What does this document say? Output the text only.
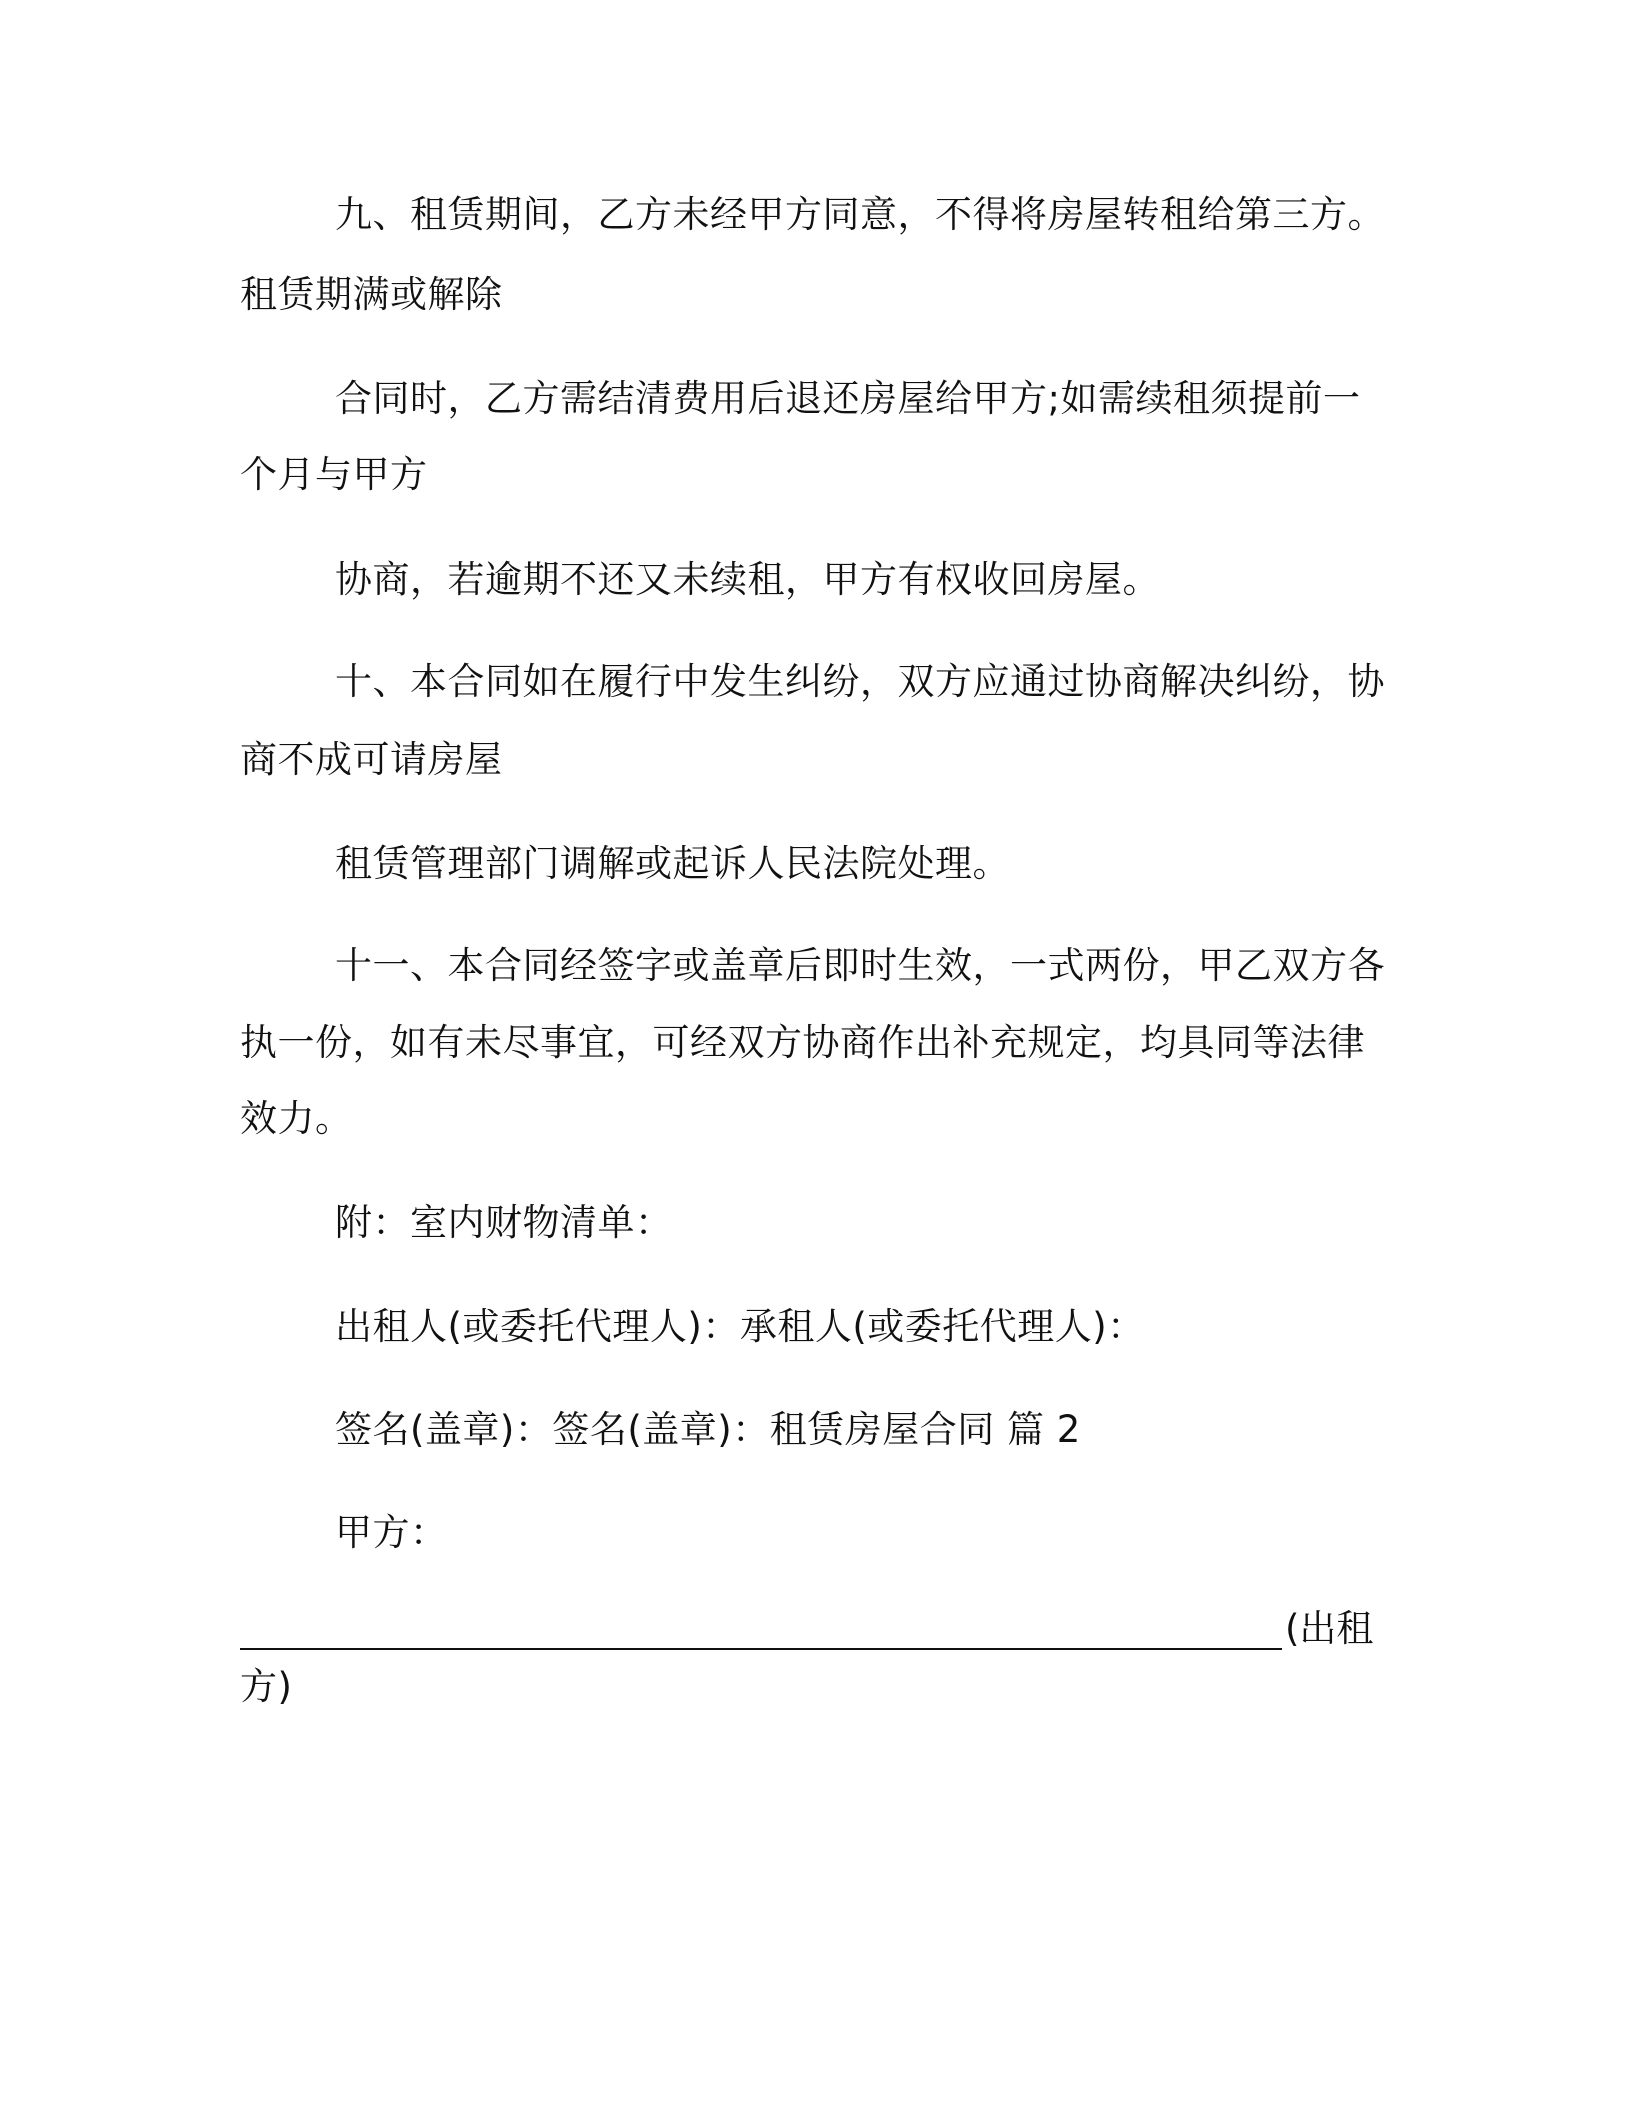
九、租赁期间，乙方未经甲方同意，不得将房屋转租给第三方。
租赁期满或解除
合同时，乙方需结清费用后退还房屋给甲方;如需续租须提前一
个月与甲方
协商，若逾期不还又未续租，甲方有权收回房屋。
十、本合同如在履行中发生纠纷，双方应通过协商解决纠纷，协
商不成可请房屋
租赁管理部门调解或起诉人民法院处理。
十一、本合同经签字或盖章后即时生效，一式两份，甲乙双方各
执一份，如有未尽事宜，可经双方协商作出补充规定，均具同等法律
效力。
附：室内财物清单：
出租人(或委托代理人)：承租人(或委托代理人)：
签名(盖章)：签名(盖章)：租赁房屋合同 篇 2
甲方：
(出租
方)
